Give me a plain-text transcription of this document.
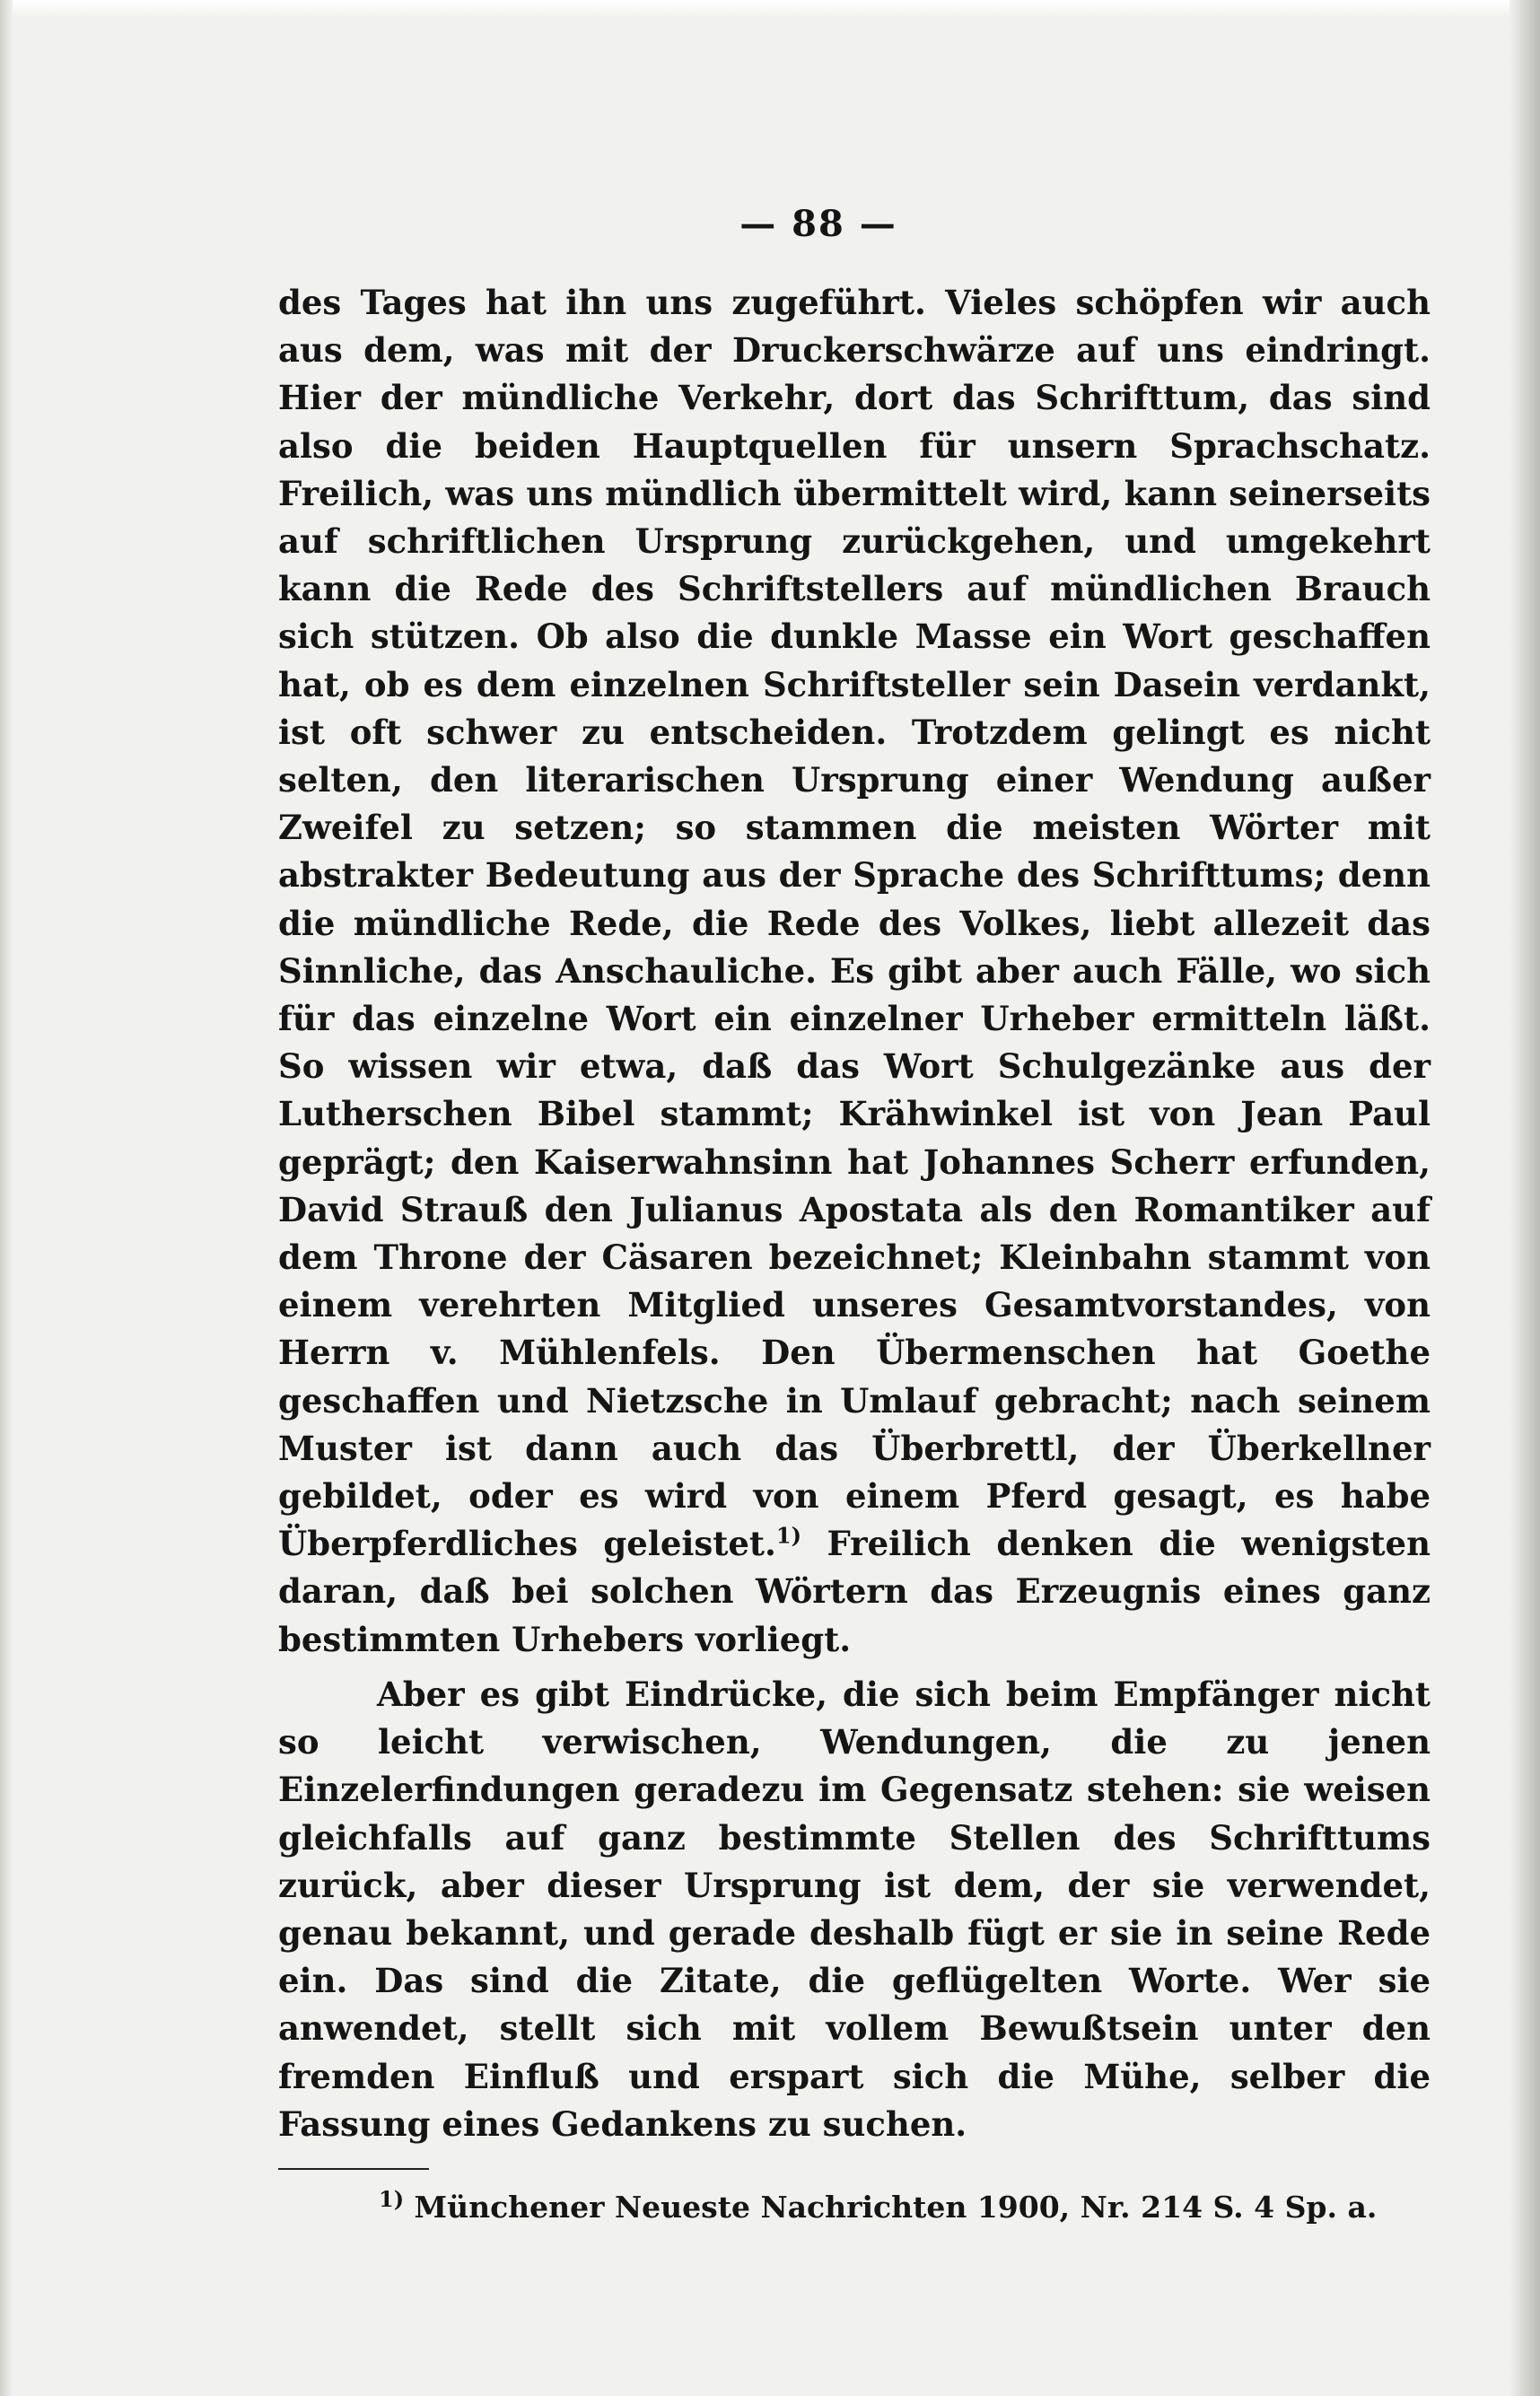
— 88 —

des Tages hat ihn uns zugeführt. Vieles schöpfen wir auch aus dem, was mit der Druckerschwärze auf uns eindringt. Hier der mündliche Verkehr, dort das Schrifttum, das sind also die beiden Hauptquellen für unsern Sprachschatz. Freilich, was uns mündlich übermittelt wird, kann seinerseits auf schriftlichen Ursprung zurückgehen, und umgekehrt kann die Rede des Schriftstellers auf mündlichen Brauch sich stützen. Ob also die dunkle Masse ein Wort geschaffen hat, ob es dem einzelnen Schriftsteller sein Dasein verdankt, ist oft schwer zu entscheiden. Trotzdem gelingt es nicht selten, den literarischen Ursprung einer Wendung außer Zweifel zu setzen; so stammen die meisten Wörter mit abstrakter Bedeutung aus der Sprache des Schrifttums; denn die mündliche Rede, die Rede des Volkes, liebt allezeit das Sinnliche, das Anschauliche. Es gibt aber auch Fälle, wo sich für das einzelne Wort ein einzelner Urheber ermitteln läßt. So wissen wir etwa, daß das Wort Schulgezänke aus der Lutherschen Bibel stammt; Krähwinkel ist von Jean Paul geprägt; den Kaiserwahnsinn hat Johannes Scherr erfunden, David Strauß den Julianus Apostata als den Romantiker auf dem Throne der Cäsaren bezeichnet; Kleinbahn stammt von einem verehrten Mitglied unseres Gesamtvorstandes, von Herrn v. Mühlenfels. Den Übermenschen hat Goethe geschaffen und Nietzsche in Umlauf gebracht; nach seinem Muster ist dann auch das Überbrettl, der Überkellner gebildet, oder es wird von einem Pferd gesagt, es habe Überpferdliches geleistet.$^{1)}$ Freilich denken die wenigsten daran, daß bei solchen Wörtern das Erzeugnis eines ganz bestimmten Urhebers vorliegt.

Aber es gibt Eindrücke, die sich beim Empfänger nicht so leicht verwischen, Wendungen, die zu jenen Einzelerfindungen geradezu im Gegensatz stehen: sie weisen gleichfalls auf ganz bestimmte Stellen des Schrifttums zurück, aber dieser Ursprung ist dem, der sie verwendet, genau bekannt, und gerade deshalb fügt er sie in seine Rede ein. Das sind die Zitate, die geflügelten Worte. Wer sie anwendet, stellt sich mit vollem Bewußtsein unter den fremden Einfluß und erspart sich die Mühe, selber die Fassung eines Gedankens zu suchen.

$^{1)}$ Münchener Neueste Nachrichten 1900, Nr. 214 S. 4 Sp. a.
